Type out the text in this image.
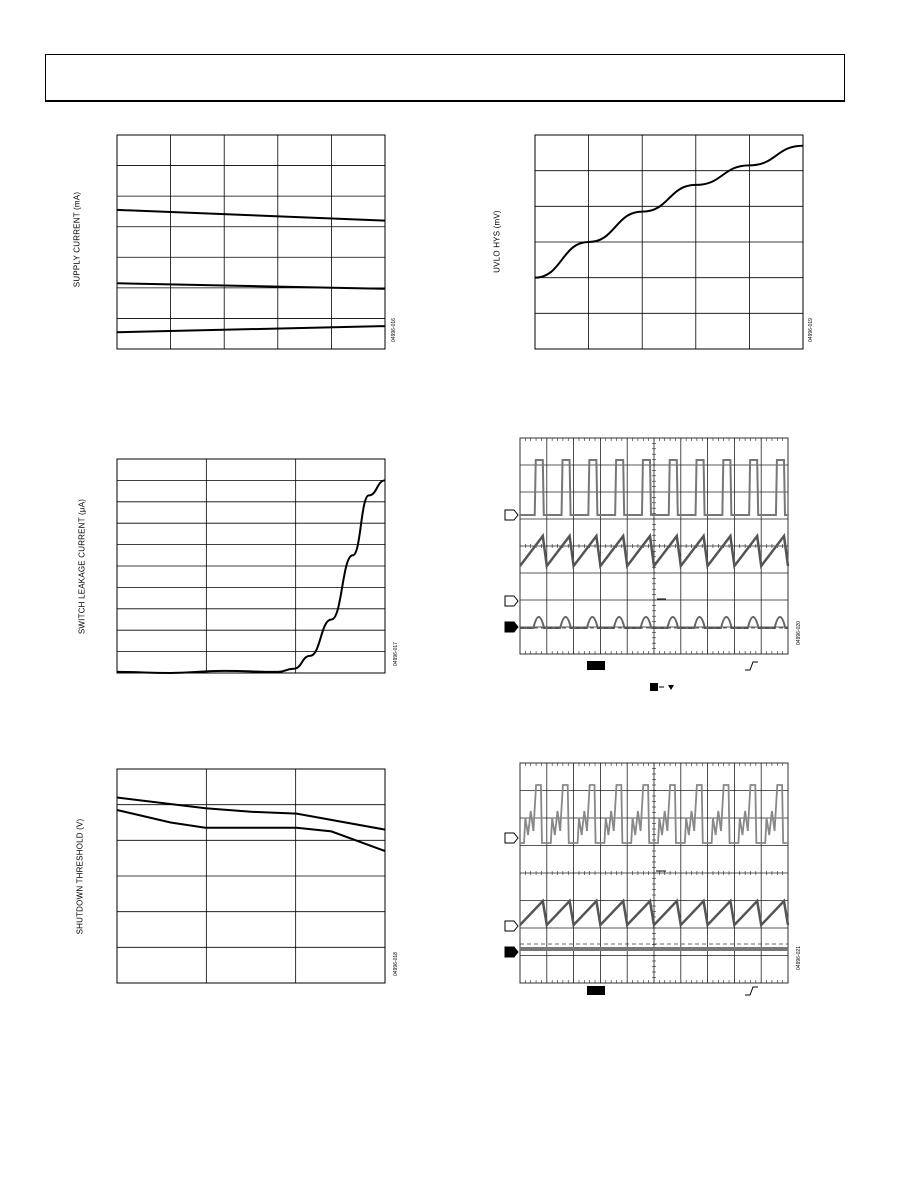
SUPPLY CURRENT (mA)
04996-016
UVLO HYS (mV)
04996-019
SWITCH LEAKAGE CURRENT (µA)
04996-017
SHUTDOWN THRESHOLD (V)
04996-018
04996-020
04996-021
